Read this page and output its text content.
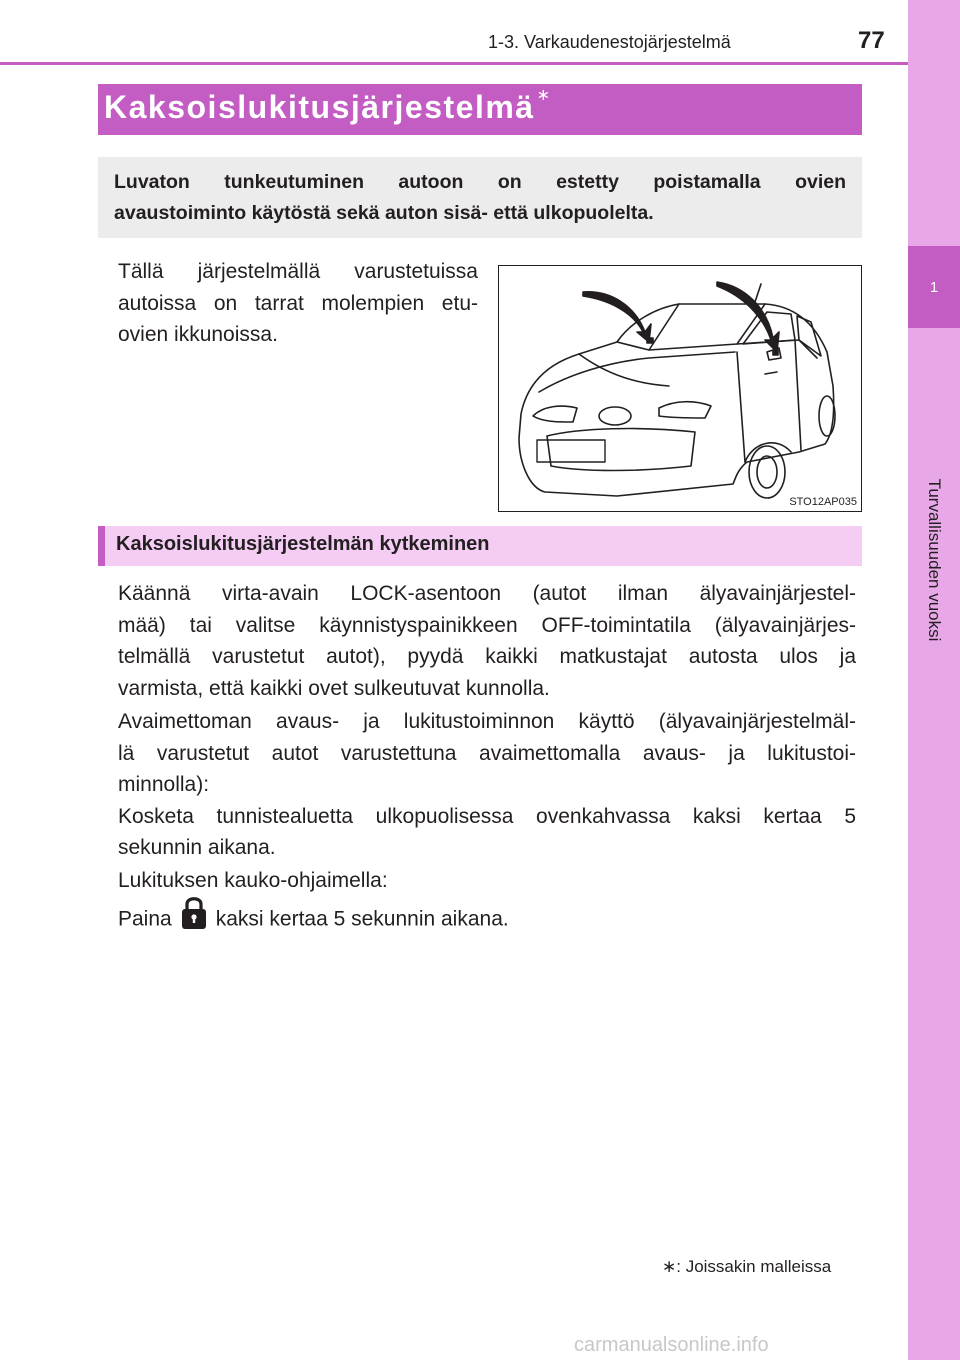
1
Turvallisuuden vuoksi
1-3. Varkaudenestojärjestelmä	77
Kaksoislukitusjärjestelmä ∗
Luvaton tunkeutuminen autoon on estetty poistamalla ovien
avaustoiminto käytöstä sekä auton sisä- että ulkopuolelta.
Tällä järjestelmällä varustetuissa
autoissa on tarrat molempien etu-
ovien ikkunoissa.
STO12AP035
Kaksoislukitusjärjestelmän kytkeminen
Käännä virta-avain LOCK-asentoon (autot ilman älyavainjärjestel-
mää) tai valitse käynnistyspainikkeen OFF-toimintatila (älyavainjärjes-
telmällä varustetut autot), pyydä kaikki matkustajat autosta ulos ja
varmista, että kaikki ovet sulkeutuvat kunnolla.
Avaimettoman avaus- ja lukitustoiminnon käyttö (älyavainjärjestelmäl-
lä varustetut autot varustettuna avaimettomalla avaus- ja lukitustoi-
minnolla):
Kosketa tunnistealuetta ulkopuolisessa ovenkahvassa kaksi kertaa 5
sekunnin aikana.
Lukituksen kauko-ohjaimella:
Paina kaksi kertaa 5 sekunnin aikana.
∗: Joissakin malleissa
carmanualsonline.info
